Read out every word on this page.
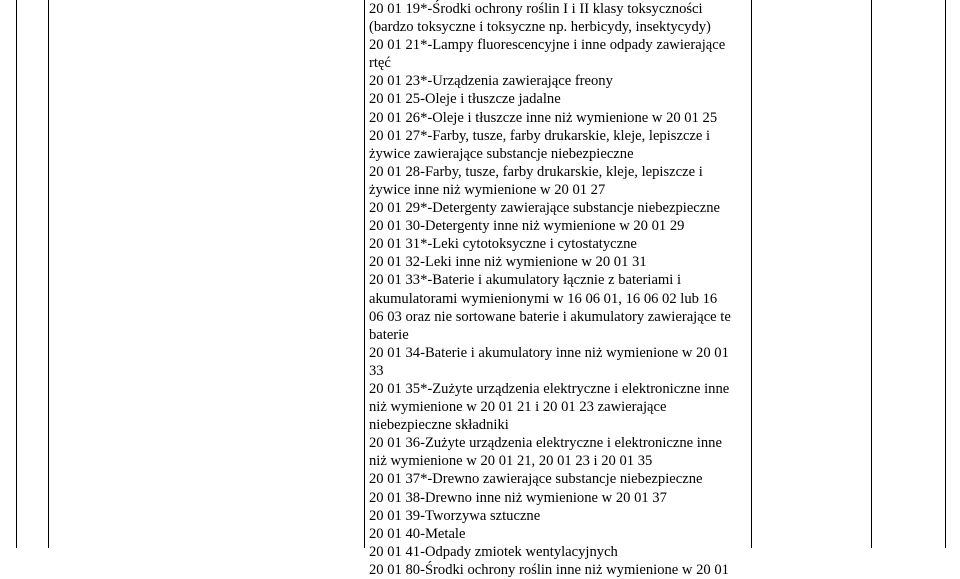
20 01 19*-Środki ochrony roślin I i II klasy toksyczności
(bardzo toksyczne i toksyczne np. herbicydy, insektycydy)
20 01 21*-Lampy fluorescencyjne i inne odpady zawierające
rtęć
20 01 23*-Urządzenia zawierające freony
20 01 25-Oleje i tłuszcze jadalne
20 01 26*-Oleje i tłuszcze inne niż wymienione w 20 01 25
20 01 27*-Farby, tusze, farby drukarskie, kleje, lepiszcze i
żywice zawierające substancje niebezpieczne
20 01 28-Farby, tusze, farby drukarskie, kleje, lepiszcze i
żywice inne niż wymienione w 20 01 27
20 01 29*-Detergenty zawierające substancje niebezpieczne
20 01 30-Detergenty inne niż wymienione w 20 01 29
20 01 31*-Leki cytotoksyczne i cytostatyczne
20 01 32-Leki inne niż wymienione w 20 01 31
20 01 33*-Baterie i akumulatory łącznie z bateriami i
akumulatorami wymienionymi w 16 06 01, 16 06 02 lub 16
06 03 oraz nie sortowane baterie i akumulatory zawierające te
baterie
20 01 34-Baterie i akumulatory inne niż wymienione w 20 01
33
20 01 35*-Zużyte urządzenia elektryczne i elektroniczne inne
niż wymienione w 20 01 21 i 20 01 23 zawierające
niebezpieczne składniki
20 01 36-Zużyte urządzenia elektryczne i elektroniczne inne
niż wymienione w 20 01 21, 20 01 23 i 20 01 35
20 01 37*-Drewno zawierające substancje niebezpieczne
20 01 38-Drewno inne niż wymienione w 20 01 37
20 01 39-Tworzywa sztuczne
20 01 40-Metale
20 01 41-Odpady zmiotek wentylacyjnych
20 01 80-Środki ochrony roślin inne niż wymienione w 20 01
